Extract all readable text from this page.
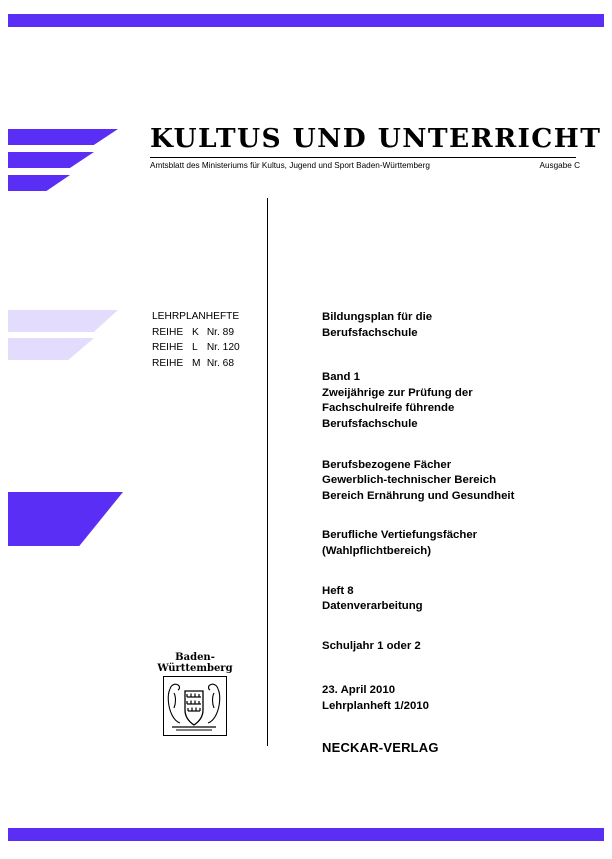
KULTUS UND UNTERRICHT
Amtsblatt des Ministeriums für Kultus, Jugend und Sport Baden-Württemberg	Ausgabe C
LEHRPLANHEFTE
REIHE K Nr. 89
REIHE L Nr. 120
REIHE M Nr. 68
Bildungsplan für die
Berufsfachschule
Band 1
Zweijährige zur Prüfung der
Fachschulreife führende
Berufsfachschule
Berufsbezogene Fächer
Gewerblich-technischer Bereich
Bereich Ernährung und Gesundheit
Berufliche Vertiefungsfächer
(Wahlpflichtbereich)
Heft 8
Datenverarbeitung
Schuljahr 1 oder 2
23. April 2010
Lehrplanheft 1/2010
NECKAR-VERLAG
Baden-
Württemberg
